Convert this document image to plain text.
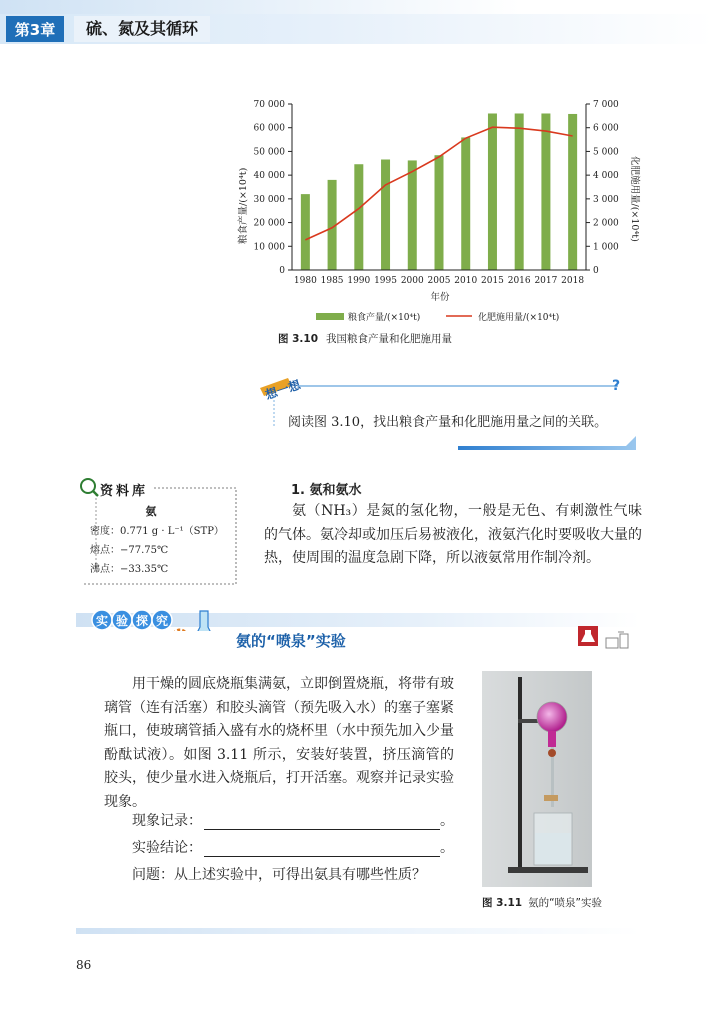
第3章	硫、氮及其循环
0
10 000
20 000
30 000
40 000
50 000
60 000
70 000
0
1 000
2 000
3 000
4 000
5 000
6 000
7 000
1980 1985 1990 1995 2000 2005 2010 2015 2016 2017 2018
粮食产量/(×10⁴t)	化肥施用量/(×10⁴t)
年份
粮食产量/(×10⁴t)	化肥施用量/(×10⁴t)
图 3.10 我国粮食产量和化肥施用量
想一想	?
阅读图 3.10，找出粮食产量和化肥施用量之间的关联。
资料库
氨
密度：0.771 g · L⁻¹（STP）
熔点：−77.75℃
沸点：−33.35℃
1. 氨和氨水
氨（NH₃）是氮的氢化物，一般是无色、有刺激性气味的气体。氨冷却或加压后易被液化，液氨汽化时要吸收大量的热，使周围的温度急剧下降，所以液氨常用作制冷剂。
实 验 探 究
氨的“喷泉”实验
用干燥的圆底烧瓶集满氨，立即倒置烧瓶，将带有玻璃管（连有活塞）和胶头滴管（预先吸入水）的塞子塞紧瓶口，使玻璃管插入盛有水的烧杯里（水中预先加入少量酚酞试液）。如图 3.11 所示，安装好装置，挤压滴管的胶头，使少量水进入烧瓶后，打开活塞。观察并记录实验现象。
现象记录：	。
实验结论：	。
问题：从上述实验中，可得出氨具有哪些性质？
图 3.11 氨的“喷泉”实验
86
